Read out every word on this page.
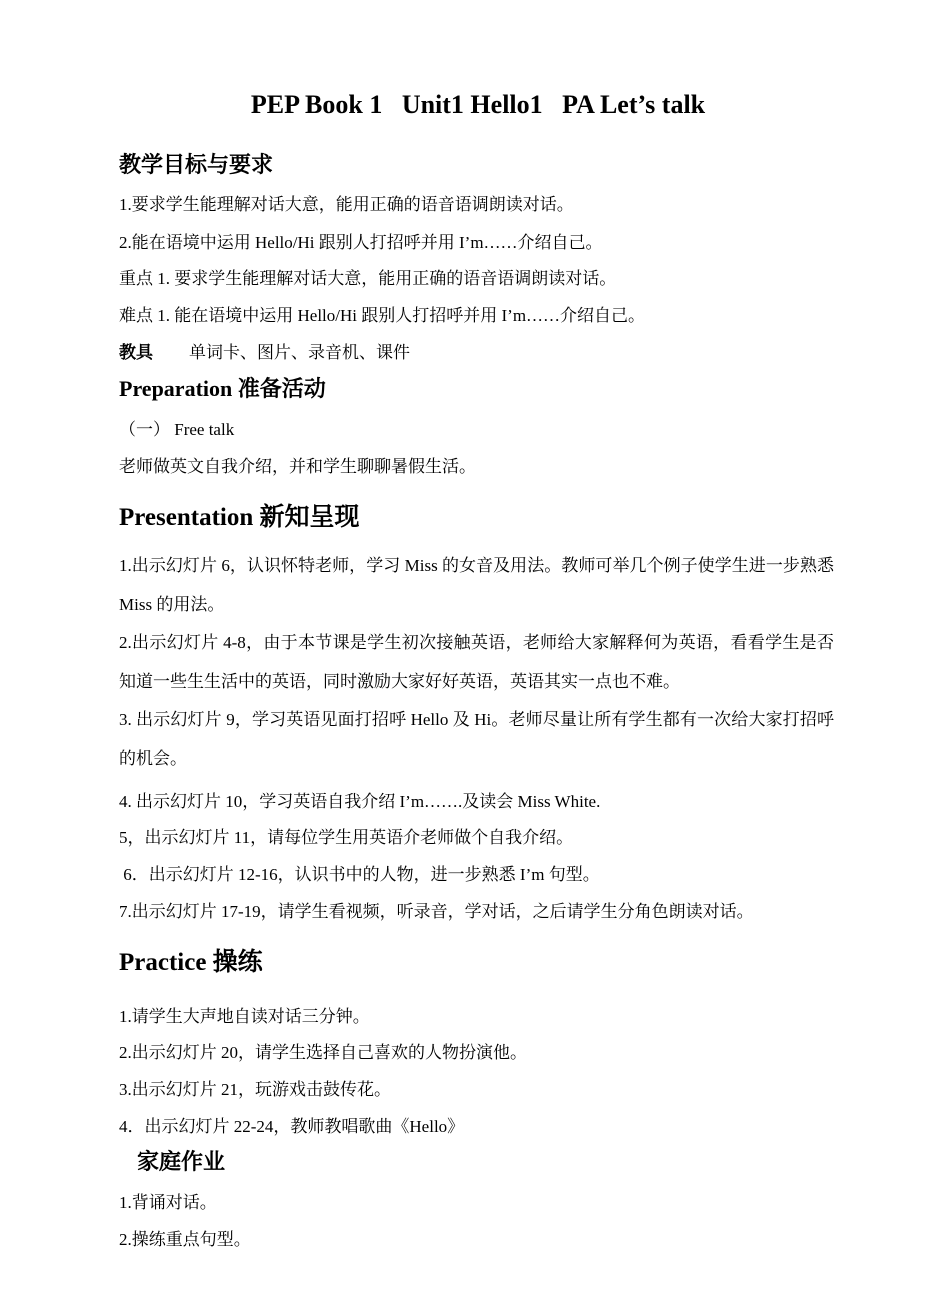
PEP Book 1   Unit1 Hello1   PA Let’s talk
教学目标与要求

1.要求学生能理解对话大意，能用正确的语音语调朗读对话。

2.能在语境中运用 Hello/Hi 跟别人打招呼并用 I’m……介绍自己。

重点 1. 要求学生能理解对话大意，能用正确的语音语调朗读对话。

难点 1. 能在语境中运用 Hello/Hi 跟别人打招呼并用 I’m……介绍自己。

教具 单词卡、图片、录音机、课件

Preparation 准备活动

（一） Free talk

老师做英文自我介绍，并和学生聊聊暑假生活。

Presentation 新知呈现

1.出示幻灯片 6，认识怀特老师，学习 Miss 的女音及用法。教师可举几个例子使学生进一步熟悉 Miss 的用法。

2.出示幻灯片 4-8，由于本节课是学生初次接触英语，老师给大家解释何为英语，看看学生是否知道一些生生活中的英语，同时激励大家好好英语，英语其实一点也不难。

3. 出示幻灯片 9，学习英语见面打招呼 Hello 及 Hi。老师尽量让所有学生都有一次给大家打招呼的机会。

4. 出示幻灯片 10，学习英语自我介绍 I’m…….及读会 Miss White.

5，出示幻灯片 11，请每位学生用英语介老师做个自我介绍。

6．出示幻灯片 12-16，认识书中的人物，进一步熟悉 I’m 句型。

7.出示幻灯片 17-19，请学生看视频，听录音，学对话，之后请学生分角色朗读对话。

Practice 操练

1.请学生大声地自读对话三分钟。

2.出示幻灯片 20，请学生选择自己喜欢的人物扮演他。

3.出示幻灯片 21，玩游戏击鼓传花。

4．出示幻灯片 22-24，教师教唱歌曲《Hello》

家庭作业

1.背诵对话。

2.操练重点句型。
